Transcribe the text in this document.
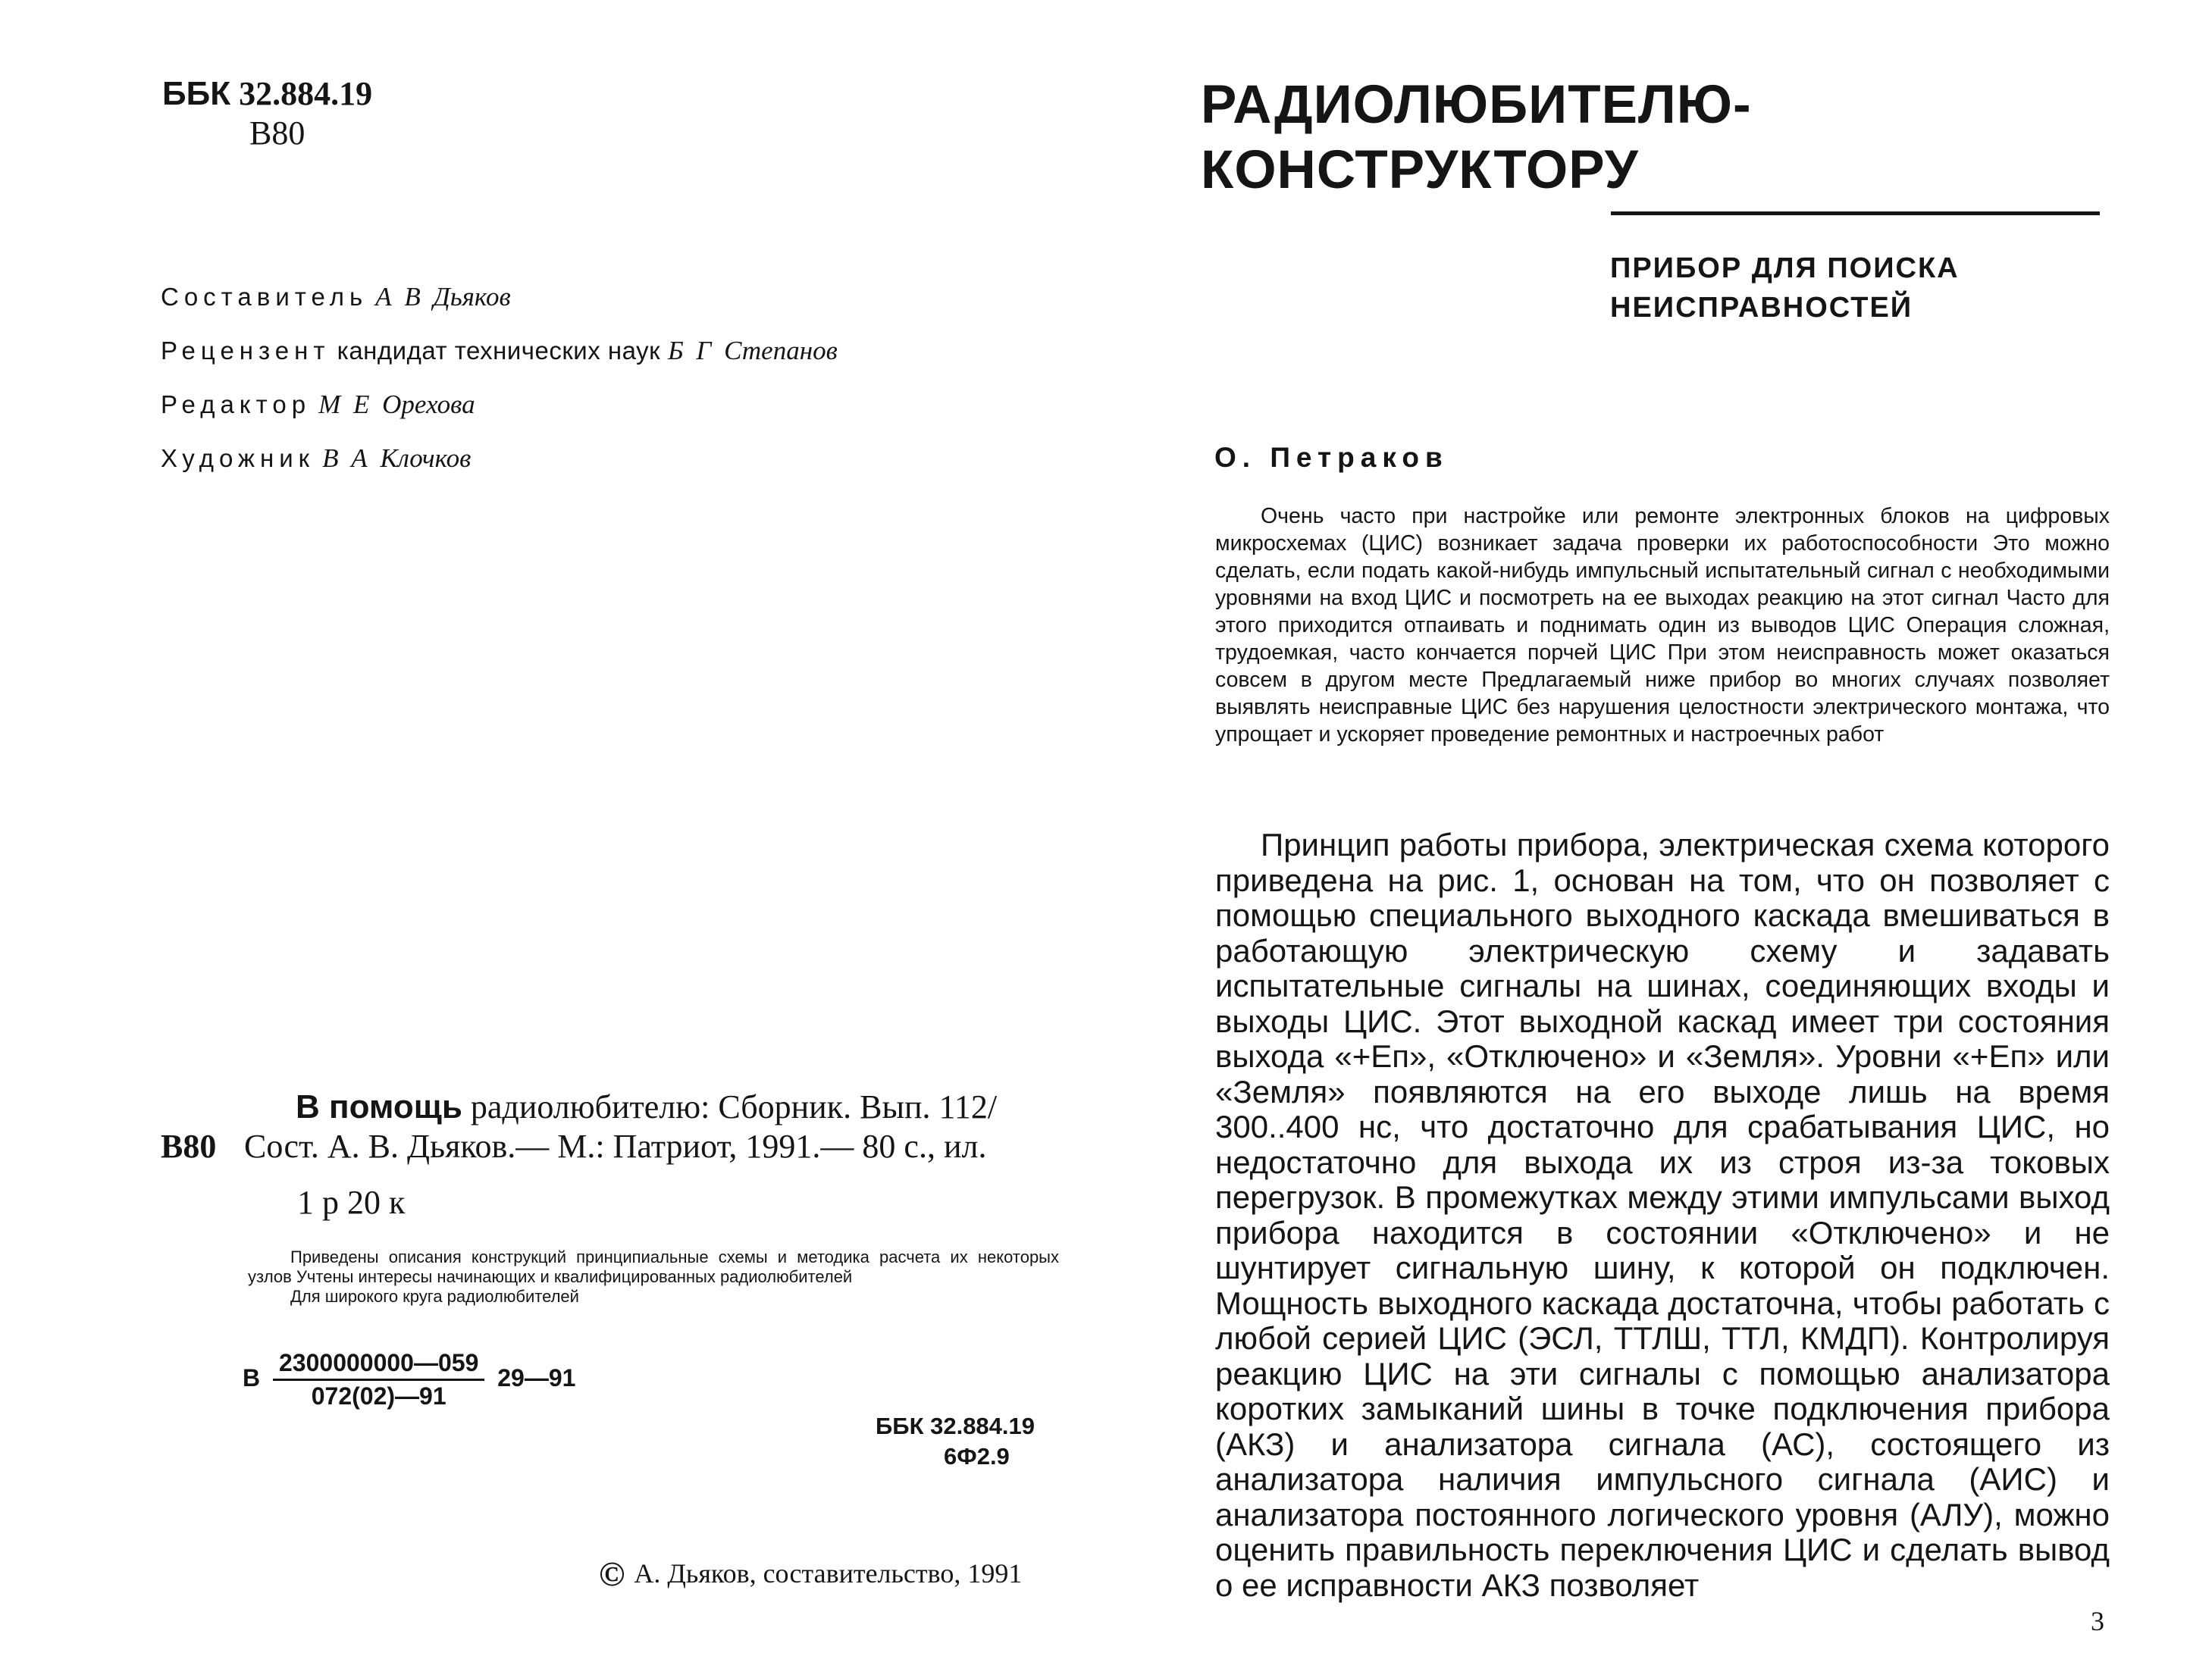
ББК 32.884.19
В80
Составитель А В Дьяков
Рецензент кандидат технических наук Б Г Степанов
Редактор М Е Орехова
Художник В А Клочков
В помощь радиолюбителю: Сборник. Вып. 112/
В80 Сост. А. В. Дьяков.— М.: Патриот, 1991.— 80 с., ил.
1 р 20 к

Приведены описания конструкций принципиальные схемы и методика расчета их некоторых узлов Учтены интересы начинающих и квалифицированных радиолюбителей

Для широкого круга радиолюбителей

В $\frac{2300000000—059}{072(02)—91}$ 29—91
ББК 32.884.19
6Ф2.9
© А. Дьяков, составительство, 1991
РАДИОЛЮБИТЕЛЮ-
КОНСТРУКТОРУ
ПРИБОР ДЛЯ ПОИСКА
НЕИСПРАВНОСТЕЙ
О. Петраков

Очень часто при настройке или ремонте электронных блоков на цифровых микросхемах (ЦИС) возникает задача проверки их работоспособности Это можно сделать, если подать какой-нибудь импульсный испытательный сигнал с необходимыми уровнями на вход ЦИС и посмотреть на ее выходах реакцию на этот сигнал Часто для этого приходится отпаивать и поднимать один из выводов ЦИС Операция сложная, трудоемкая, часто кончается порчей ЦИС При этом неисправность может оказаться совсем в другом месте Предлагаемый ниже прибор во многих случаях позволяет выявлять неисправные ЦИС без нарушения целостности электрического монтажа, что упрощает и ускоряет проведение ремонтных и настроечных работ

Принцип работы прибора, электрическая схема которого приведена на рис. 1, основан на том, что он позволяет с помощью специального выходного каскада вмешиваться в работающую электрическую схему и задавать испытательные сигналы на шинах, соединяющих входы и выходы ЦИС. Этот выходной каскад имеет три состояния выхода «+Eп», «Отключено» и «Земля». Уровни «+Eп» или «Земля» появляются на его выходе лишь на время 300..400 нс, что достаточно для срабатывания ЦИС, но недостаточно для выхода их из строя из-за токовых перегрузок. В промежутках между этими импульсами выход прибора находится в состоянии «Отключено» и не шунтирует сигнальную шину, к которой он подключен. Мощность выходного каскада достаточна, чтобы работать с любой серией ЦИС (ЭСЛ, ТТЛШ, ТТЛ, КМДП). Контролируя реакцию ЦИС на эти сигналы с помощью анализатора коротких замыканий шины в точке подключения прибора (АКЗ) и анализатора сигнала (АС), состоящего из анализатора наличия импульсного сигнала (АИС) и анализатора постоянного логического уровня (АЛУ), можно оценить правильность переключения ЦИС и сделать вывод о ее исправности АКЗ позволяет

3
